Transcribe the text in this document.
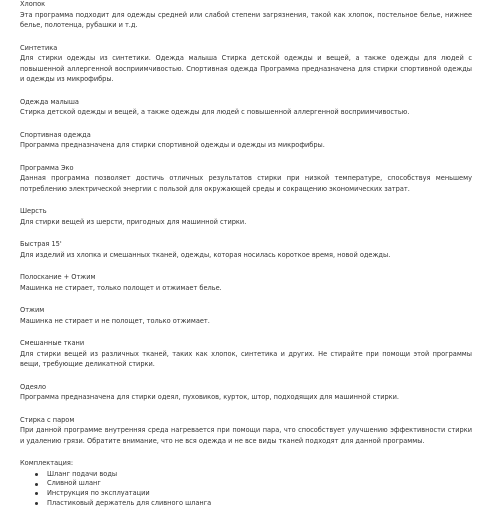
Хлопок
Эта программа подходит для одежды средней или слабой степени загрязнения, такой как хлопок, постельное белье, нижнее белье, полотенца, рубашки и т.д.
Синтетика
Для стирки одежды из синтетики. Одежда малыша Стирка детской одежды и вещей, а также одежды для людей с повышенной аллергенной восприимчивостью. Спортивная одежда Программа предназначена для стирки спортивной одежды и одежды из микрофибры.
Одежда малыша
Стирка детской одежды и вещей, а также одежды для людей с повышенной аллергенной восприимчивостью.
Спортивная одежда
Программа предназначена для стирки спортивной одежды и одежды из микрофибры.
Программа Эко
Данная программа позволяет достичь отличных результатов стирки при низкой температуре, способствуя меньшему потреблению электрической энергии с пользой для окружающей среды и сокращению экономических затрат.
Шерсть
Для стирки вещей из шерсти, пригодных для машинной стирки.
Быстрая 15'
Для изделий из хлопка и смешанных тканей, одежды, которая носилась короткое время, новой одежды.
Полоскание + Отжим
Машинка не стирает, только полощет и отжимает белье.
Отжим
Машинка не стирает и не полощет, только отжимает.
Смешанные ткани
Для стирки вещей из различных тканей, таких как хлопок, синтетика и других. Не стирайте при помощи этой программы вещи, требующие деликатной стирки.
Одеяло
Программа предназначена для стирки одеял, пуховиков, курток, штор, подходящих для машинной стирки.
Стирка с паром
При данной программе внутренняя среда нагревается при помощи пара, что способствует улучшению эффективности стирки и удалению грязи. Обратите внимание, что не вся одежда и не все виды тканей подходят для данной программы.
Комплектация:
Шланг подачи воды
Сливной шланг
Инструкция по эксплуатации
Пластиковый держатель для сливного шланга
